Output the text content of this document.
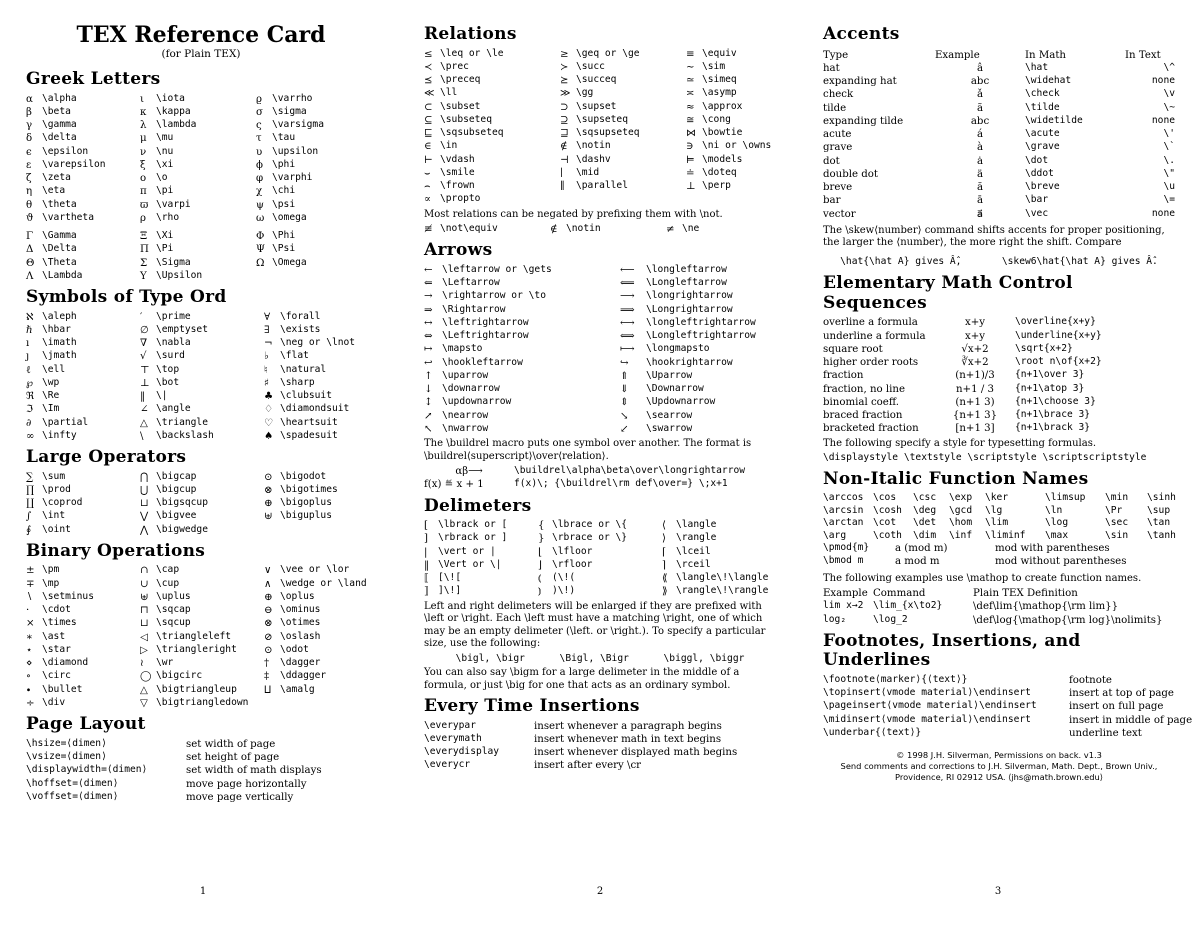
TEX Reference Card
(for Plain TEX)
Greek Letters
α \alpha	ι	\iota	ϱ	\varrho
β	\beta	κ	\kappa	σ \sigma
γ	\gamma	λ \lambda	ς	\varsigma
δ	\delta	μ \mu	τ	\tau
ϵ	\epsilon	ν	\nu	υ	\upsilon
ε	\varepsilon	ξ	\xi	ϕ \phi
ζ	\zeta	o	\o	φ \varphi
η	\eta	π \pi	χ	\chi
θ	\theta	ϖ \varpi	ψ \psi
ϑ \vartheta	ρ	\rho	ω \omega
Γ \Gamma	Ξ \Xi	Φ \Phi
Δ \Delta	Π \Pi	Ψ \Psi
Θ \Theta	Σ \Sigma	Ω \Omega
Λ \Lambda	Υ \Upsilon
Symbols of Type Ord
ℵ \aleph	′	\prime	∀	\forall
ℏ \hbar	∅ \emptyset	∃	\exists
ı	\imath	∇ \nabla	¬ \neg or \lnot
ȷ	\jmath	√ \surd	♭	\flat
ℓ	\ell	⊤ \top	♮	\natural
℘ \wp	⊥ \bot	♯	\sharp
ℜ \Re	‖	\|	♣ \clubsuit
ℑ \Im	∠ \angle	♢ \diamondsuit
∂	\partial	△ \triangle	♡ \heartsuit
∞ \infty	\	\backslash	♠ \spadesuit
Large Operators
∑ \sum	⋂ \bigcap	⊙ \bigodot
∏ \prod	⋃ \bigcup	⊗ \bigotimes
∐ \coprod	⊔ \bigsqcup	⊕ \bigoplus
∫	\int	⋁ \bigvee	⊎ \biguplus
∮	\oint	⋀ \bigwedge
Binary Operations
± \pm	∩ \cap	∨ \vee or \lor
∓ \mp	∪ \cup	∧ \wedge or \land
∖ \setminus	⊎ \uplus	⊕ \oplus
·	\cdot	⊓ \sqcap	⊖ \ominus
× \times	⊔ \sqcup	⊗ \otimes
∗ \ast	◁ \triangleleft	⊘ \oslash
⋆	\star	▷ \triangleright	⊙ \odot
⋄	\diamond	≀	\wr	†	\dagger
∘	\circ	◯ \bigcirc	‡	\ddagger
∙	\bullet	△ \bigtriangleup	⨿ \amalg
÷ \div	▽ \bigtriangledown
Page Layout
\hsize=⟨dimen⟩	set width of page
\vsize=⟨dimen⟩	set height of page
\displaywidth=⟨dimen⟩	set width of math displays
\hoffset=⟨dimen⟩	move page horizontally
\voffset=⟨dimen⟩	move page vertically
Relations
≤ \leq or \le	≥ \geq or \ge	≡ \equiv
≺ \prec	≻ \succ	∼ \sim
⪯ \preceq	⪰ \succeq	≃ \simeq
≪ \ll	≫ \gg	≍ \asymp
⊂ \subset	⊃ \supset	≈ \approx
⊆ \subseteq	⊇ \supseteq	≅ \cong
⊑ \sqsubseteq	⊒ \sqsupseteq	⋈ \bowtie
∈ \in	∉ \notin	∋ \ni or \owns
⊢ \vdash	⊣ \dashv	⊨ \models
⌣ \smile	∣	\mid	≐ \doteq
⌢ \frown	∥	\parallel	⊥ \perp
∝ \propto

Most relations can be negated by prefixing them with \not.

≢ \not\equiv	∉ \notin	≠ \ne
Arrows
← \leftarrow or \gets	⟵	\longleftarrow
⇐ \Leftarrow	⟸	\Longleftarrow
→ \rightarrow or \to	⟶	\longrightarrow
⇒ \Rightarrow	⟹	\Longrightarrow
↔ \leftrightarrow	⟷	\longleftrightarrow
⇔ \Leftrightarrow	⟺	\Longleftrightarrow
↦ \mapsto	⟼	\longmapsto
↩ \hookleftarrow	↪	\hookrightarrow
↑ \uparrow	⇑	\Uparrow
↓ \downarrow	⇓	\Downarrow
↕ \updownarrow	⇕	\Updownarrow
↗ \nearrow	↘	\searrow
↖ \nwarrow	↙	\swarrow

The \buildrel macro puts one symbol over another. The format is \buildrel⟨superscript⟩\over⟨relation⟩.

αβ⟶	\buildrel\alpha\beta\over\longrightarrow
f(x) ≝ x + 1	f(x)\; {\buildrel\rm def\over=} \;x+1
Delimeters
[	\lbrack or [	{ \lbrace or \{	⟨	\langle
]	\rbrack or ]	} \rbrace or \}	⟩	\rangle
|	\vert or |	⌊	\lfloor	⌈	\lceil
‖ \Vert or \|	⌋	\rfloor	⌉	\rceil
⟦ [\![	⦅	(\!(	⟪ \langle\!\langle
⟧ ]\!]	⦆	)\!)	⟫ \rangle\!\rangle

Left and right delimeters will be enlarged if they are prefixed with \left or \right. Each \left must have a matching \right, one of which may be an empty delimeter (\left. or \right.). To specify a particular size, use the following:

\bigl, \bigr      \Bigl, \Bigr      \biggl, \biggr

You can also say \bigm for a large delimeter in the middle of a formula, or just \big for one that acts as an ordinary symbol.

Every Time Insertions
\everypar	insert whenever a paragraph begins
\everymath	insert whenever math in text begins
\everydisplay	insert whenever displayed math begins
\everycr	insert after every \cr
Accents
Type	Example	In Math	In Text
hat	â	\hat	\^
expanding hat	abc	\widehat	none
check	ǎ	\check	\v
tilde	ã	\tilde	\~
expanding tilde	abc	\widetilde	none
acute	á	\acute	\'
grave	à	\grave	\`
dot	ȧ	\dot	\.
double dot	ä	\ddot	\"
breve	ă	\breve	\u
bar	ā	\bar	\=
vector	a⃗	\vec	none

The \skew⟨number⟩ command shifts accents for proper positioning, the larger the ⟨number⟩, the more right the shift. Compare

\hat{\hat A} gives Â̂,       \skew6\hat{\hat A} gives Â̂.
Elementary Math Control Sequences
overline a formula	x+y	\overline{x+y}
underline a formula	x+y	\underline{x+y}
square root	√x+2	\sqrt{x+2}
higher order roots	∛x+2	\root n\of{x+2}
fraction	(n+1)/3	{n+1\over 3}
fraction, no line	n+1 / 3	{n+1\atop 3}
binomial coeff.	(n+1 3)	{n+1\choose 3}
braced fraction	{n+1 3}	{n+1\brace 3}
bracketed fraction	[n+1 3]	{n+1\brack 3}

The following specify a style for typesetting formulas.

\displaystyle \textstyle \scriptstyle \scriptscriptstyle
Non-Italic Function Names
\arccos \cos	\csc	\exp	\ker	\limsup	\min	\sinh
\arcsin \cosh	\deg	\gcd	\lg	\ln	\Pr	\sup
\arctan \cot	\det	\hom	\lim	\log	\sec	\tan
\arg	\coth	\dim	\inf	\liminf	\max	\sin	\tanh
\pmod{m}	a (mod m)	mod with parentheses
\bmod m	a mod m	mod without parentheses

The following examples use \mathop to create function names.

Example Command	Plain TEX Definition
lim x→2 \lim_{x\to2}	\def\lim{\mathop{\rm lim}}
log₂	\log_2	\def\log{\mathop{\rm log}\nolimits}
Footnotes, Insertions, and Underlines
\footnote⟨marker⟩{⟨text⟩}	footnote
\topinsert⟨vmode material⟩\endinsert	insert at top of page
\pageinsert⟨vmode material⟩\endinsert	insert on full page
\midinsert⟨vmode material⟩\endinsert	insert in middle of page
\underbar{⟨text⟩}	underline text
© 1998 J.H. Silverman, Permissions on back. v1.3
Send comments and corrections to J.H. Silverman, Math. Dept., Brown Univ., Providence, RI 02912 USA. ⟨jhs@math.brown.edu⟩
1	2	3
